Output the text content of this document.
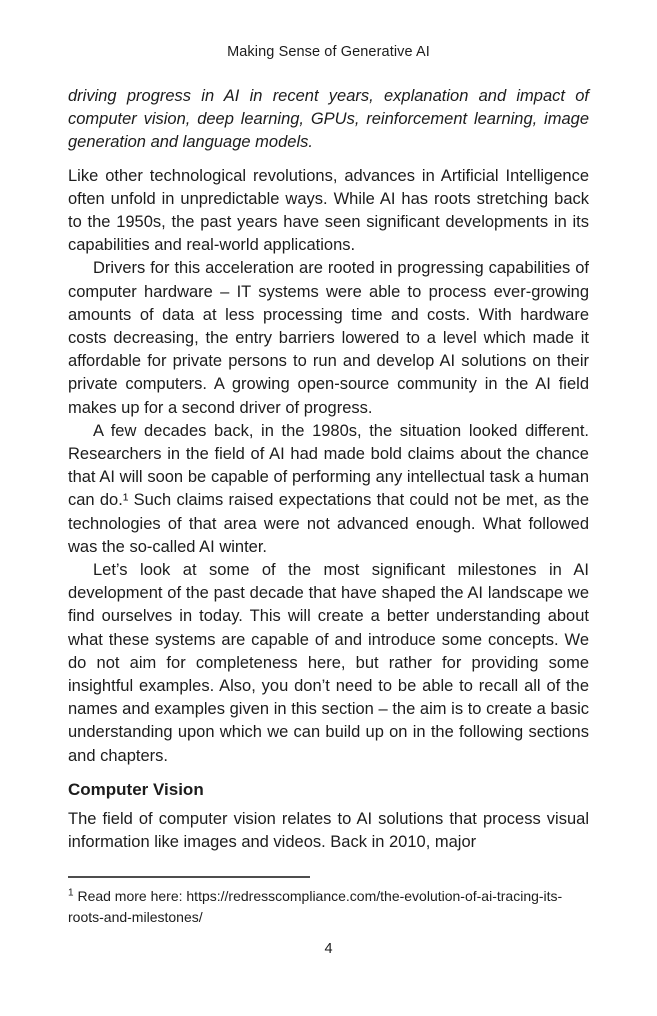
Making Sense of Generative AI

driving progress in AI in recent years, explanation and impact of computer vision, deep learning, GPUs, reinforcement learning, image generation and language models.

Like other technological revolutions, advances in Artificial Intelligence often unfold in unpredictable ways. While AI has roots stretching back to the 1950s, the past years have seen significant developments in its capabilities and real-world applications.

Drivers for this acceleration are rooted in progressing capabilities of computer hardware – IT systems were able to process ever-growing amounts of data at less processing time and costs. With hardware costs decreasing, the entry barriers lowered to a level which made it affordable for private persons to run and develop AI solutions on their private computers. A growing open-source community in the AI field makes up for a second driver of progress.

A few decades back, in the 1980s, the situation looked different. Researchers in the field of AI had made bold claims about the chance that AI will soon be capable of performing any intellectual task a human can do.¹ Such claims raised expectations that could not be met, as the technologies of that area were not advanced enough. What followed was the so-called AI winter.

Let’s look at some of the most significant milestones in AI development of the past decade that have shaped the AI landscape we find ourselves in today. This will create a better understanding about what these systems are capable of and introduce some concepts. We do not aim for completeness here, but rather for providing some insightful examples. Also, you don’t need to be able to recall all of the names and examples given in this section – the aim is to create a basic understanding upon which we can build up on in the following sections and chapters.

Computer Vision

The field of computer vision relates to AI solutions that process visual information like images and videos. Back in 2010, major

$^1$ Read more here: https://redresscompliance.com/the-evolution-of-ai-tracing-its-roots-and-milestones/
4
